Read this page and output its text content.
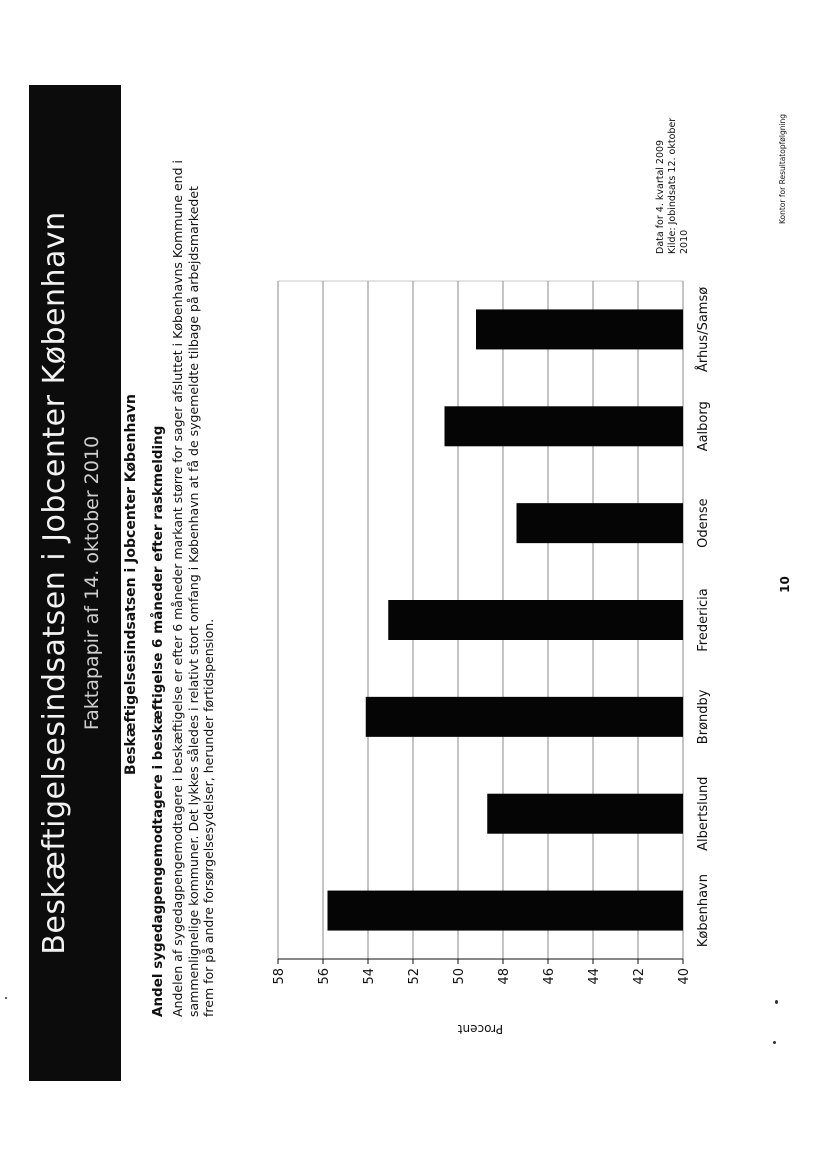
Beskæftigelsesindsatsen i Jobcenter København Faktapapir af 14. oktober 2010 Beskæftigelsesindsatsen i Jobcenter København Andel sygedagpengemodtagere i beskæftigelse 6 måneder efter raskmelding Andelen af sygedagpengemodtagere i beskæftigelse er efter 6 måneder markant større for sager afsluttet i Københavns Kommune end i sammenlignelige kommuner. Det lykkes således i relativt stort omfang i København at få de sygemeldte tilbage på arbejdsmarkedet frem for på andre forsørgelsesydelser, herunder førtidspension.	40
42
44
46
48
50
52
54
56
58
Procent
København
Albertslund
Brøndby
Fredericia
Odense
Aalborg
Århus/Samsø
Data for 4. kvartal 2009 Kilde: Jobindsats 12. oktober 2010
10
Kontor for Resultatopfølgning
